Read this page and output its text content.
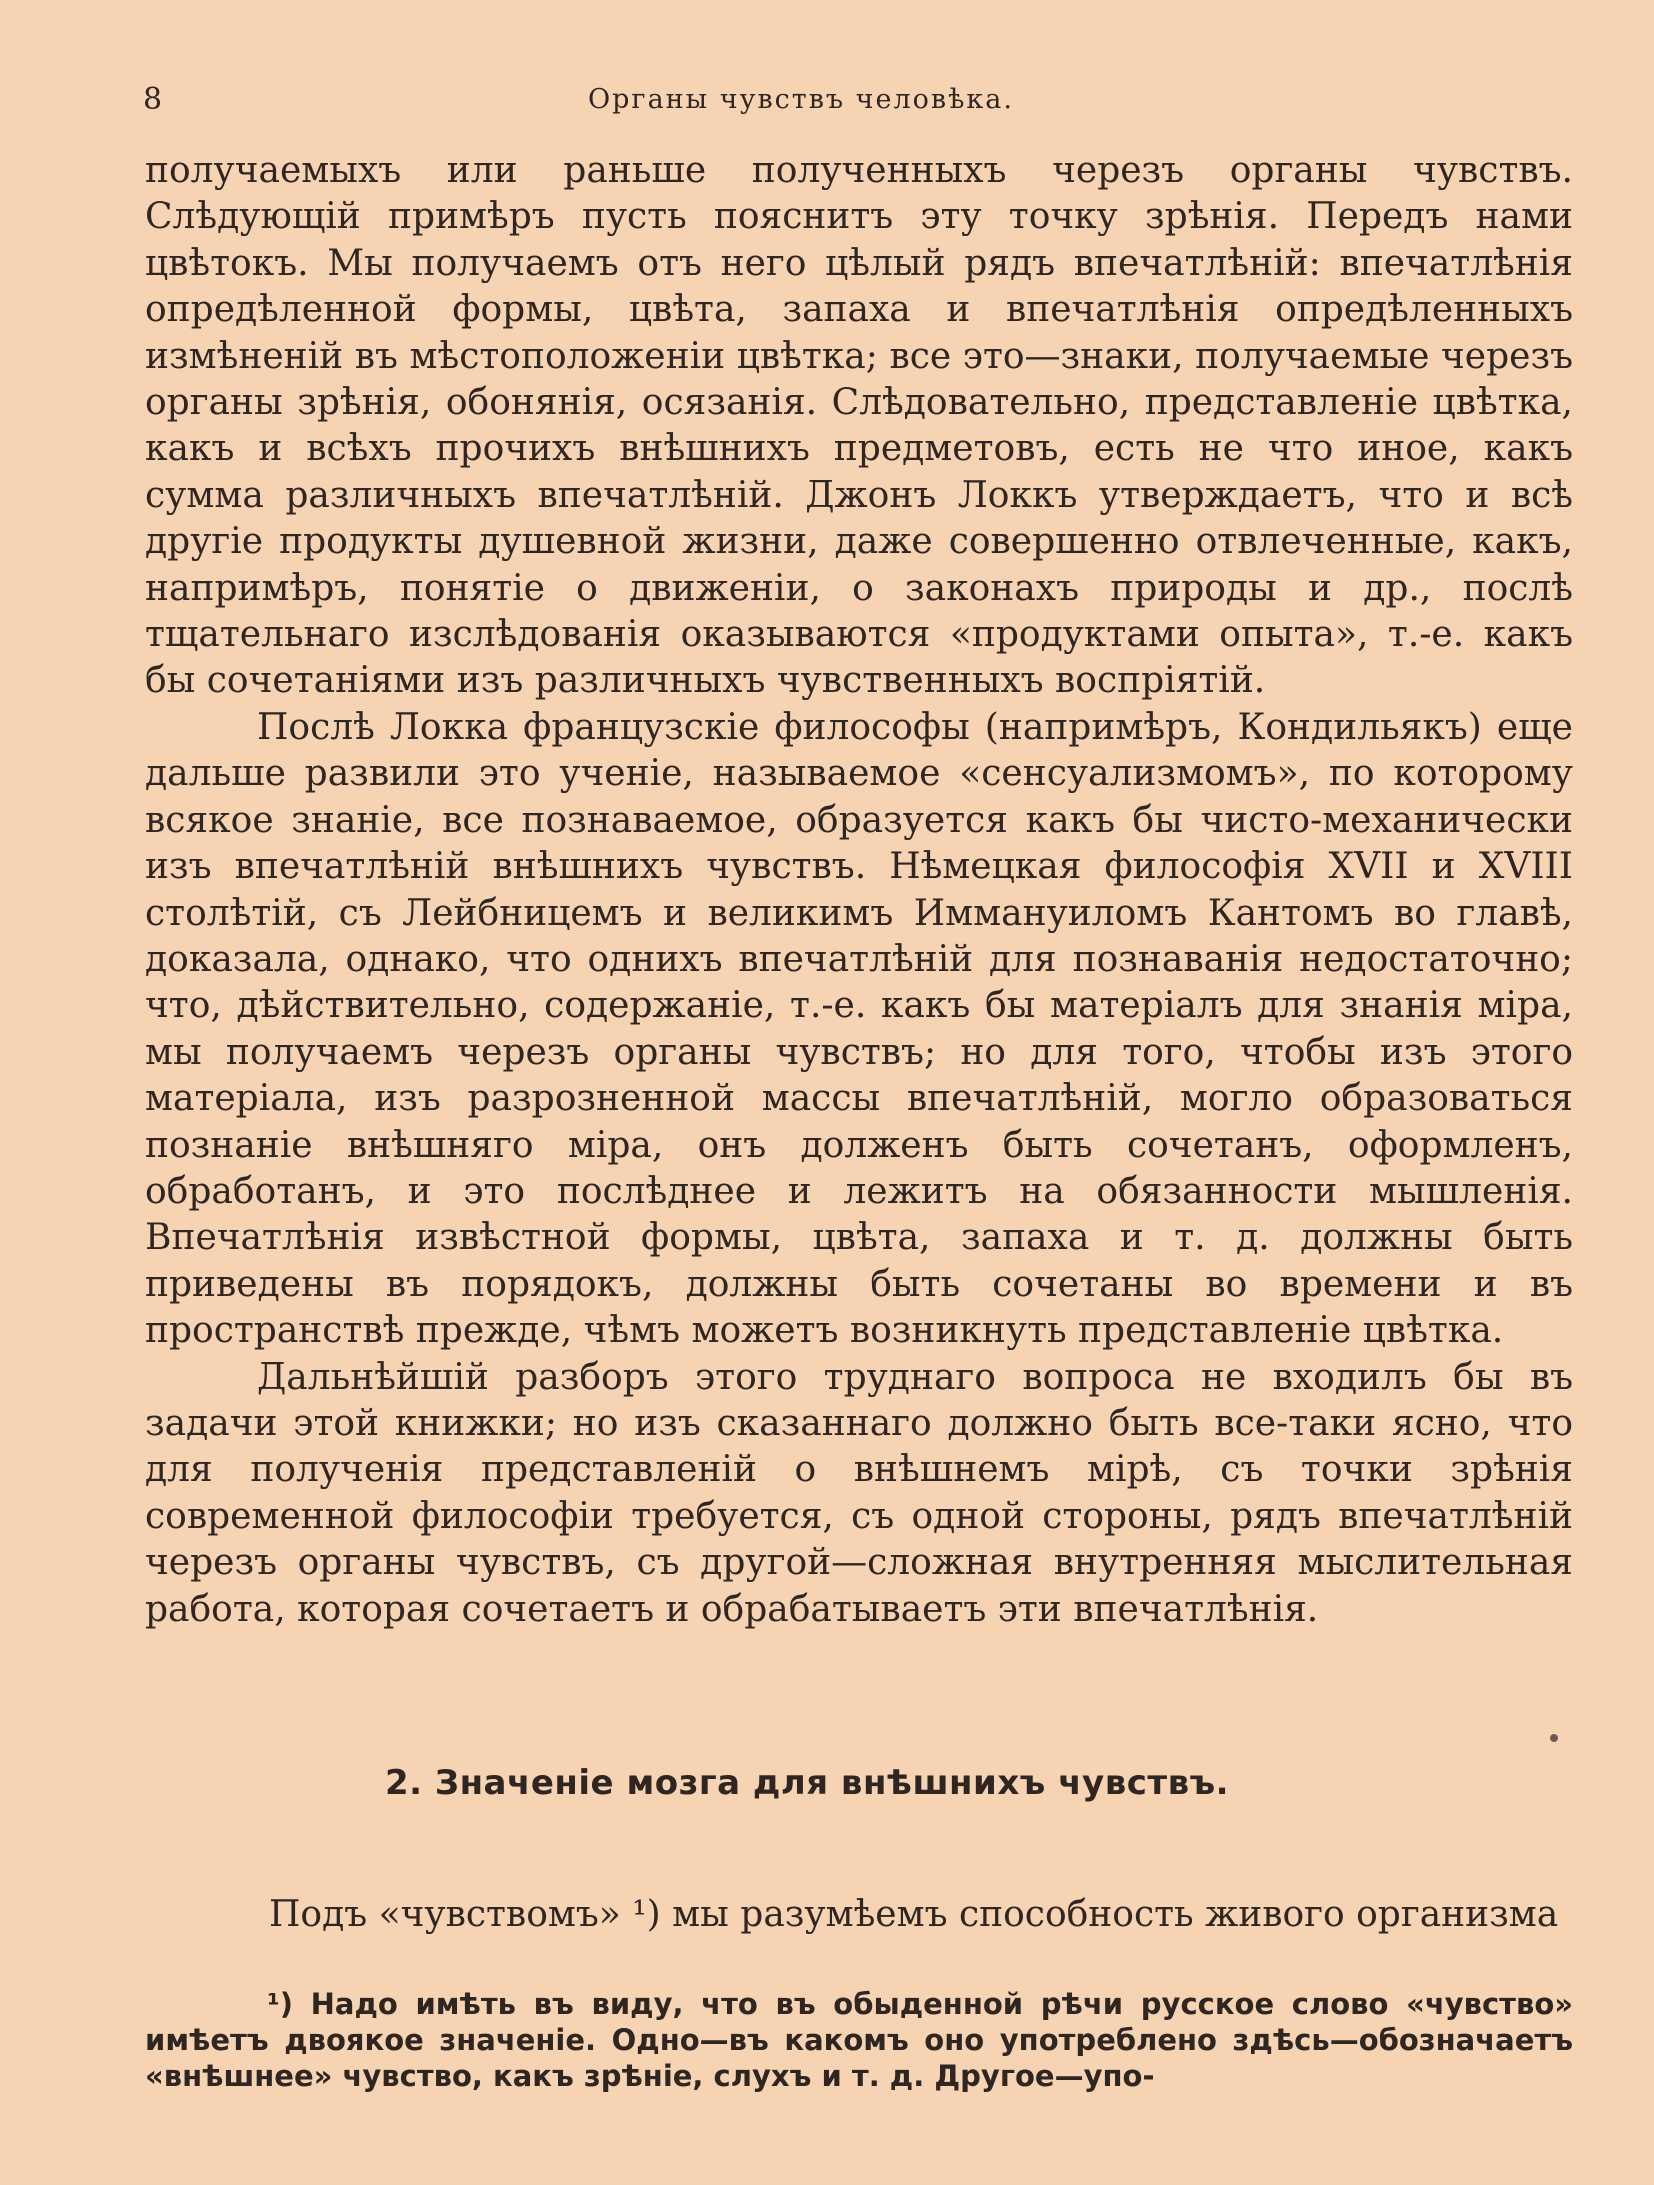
8	Органы чувствъ человѣка.

получаемыхъ или раньше полученныхъ черезъ органы чувствъ. Слѣдующій примѣръ пусть пояснитъ эту точку зрѣнія. Передъ нами цвѣтокъ. Мы получаемъ отъ него цѣлый рядъ впечатлѣній: впечатлѣнія опредѣленной формы, цвѣта, запаха и впечатлѣнія опредѣленныхъ измѣненій въ мѣстоположеніи цвѣтка; все это—знаки, получаемые черезъ органы зрѣнія, обонянія, осязанія. Слѣдовательно, представленіе цвѣтка, какъ и всѣхъ прочихъ внѣшнихъ предметовъ, есть не что иное, какъ сумма различныхъ впечатлѣній. Джонъ Локкъ утверждаетъ, что и всѣ другіе продукты душевной жизни, даже совершенно отвлеченные, какъ, напримѣръ, понятіе о движеніи, о законахъ природы и др., послѣ тщательнаго изслѣдованія оказываются «продуктами опыта», т.-е. какъ бы сочетаніями изъ различныхъ чувственныхъ воспріятій.

Послѣ Локка французскіе философы (напримѣръ, Кондильякъ) еще дальше развили это ученіе, называемое «сенсуализмомъ», по которому всякое знаніе, все познаваемое, образуется какъ бы чисто-механически изъ впечатлѣній внѣшнихъ чувствъ. Нѣмецкая философія XVII и XVIII столѣтій, съ Лейбницемъ и великимъ Иммануиломъ Кантомъ во главѣ, доказала, однако, что однихъ впечатлѣній для познаванія недостаточно; что, дѣйствительно, содержаніе, т.-е. какъ бы матеріалъ для знанія міра, мы получаемъ черезъ органы чувствъ; но для того, чтобы изъ этого матеріала, изъ разрозненной массы впечатлѣній, могло образоваться познаніе внѣшняго міра, онъ долженъ быть сочетанъ, оформленъ, обработанъ, и это послѣднее и лежитъ на обязанности мышленія. Впечатлѣнія извѣстной формы, цвѣта, запаха и т. д. должны быть приведены въ порядокъ, должны быть сочетаны во времени и въ пространствѣ прежде, чѣмъ можетъ возникнуть представленіе цвѣтка.

Дальнѣйшій разборъ этого труднаго вопроса не входилъ бы въ задачи этой книжки; но изъ сказаннаго должно быть все-таки ясно, что для полученія представленій о внѣшнемъ мірѣ, съ точки зрѣнія современной философіи требуется, съ одной стороны, рядъ впечатлѣній черезъ органы чувствъ, съ другой—сложная внутренняя мыслительная работа, которая сочетаетъ и обрабатываетъ эти впечатлѣнія.

2. Значеніе мозга для внѣшнихъ чувствъ.

Подъ «чувствомъ» ¹) мы разумѣемъ способность живого организма

¹) Надо имѣть въ виду, что въ обыденной рѣчи русское слово «чувство» имѣетъ двоякое значеніе. Одно—въ какомъ оно употреблено здѣсь—обозначаетъ «внѣшнее» чувство, какъ зрѣніе, слухъ и т. д. Другое—упо-
